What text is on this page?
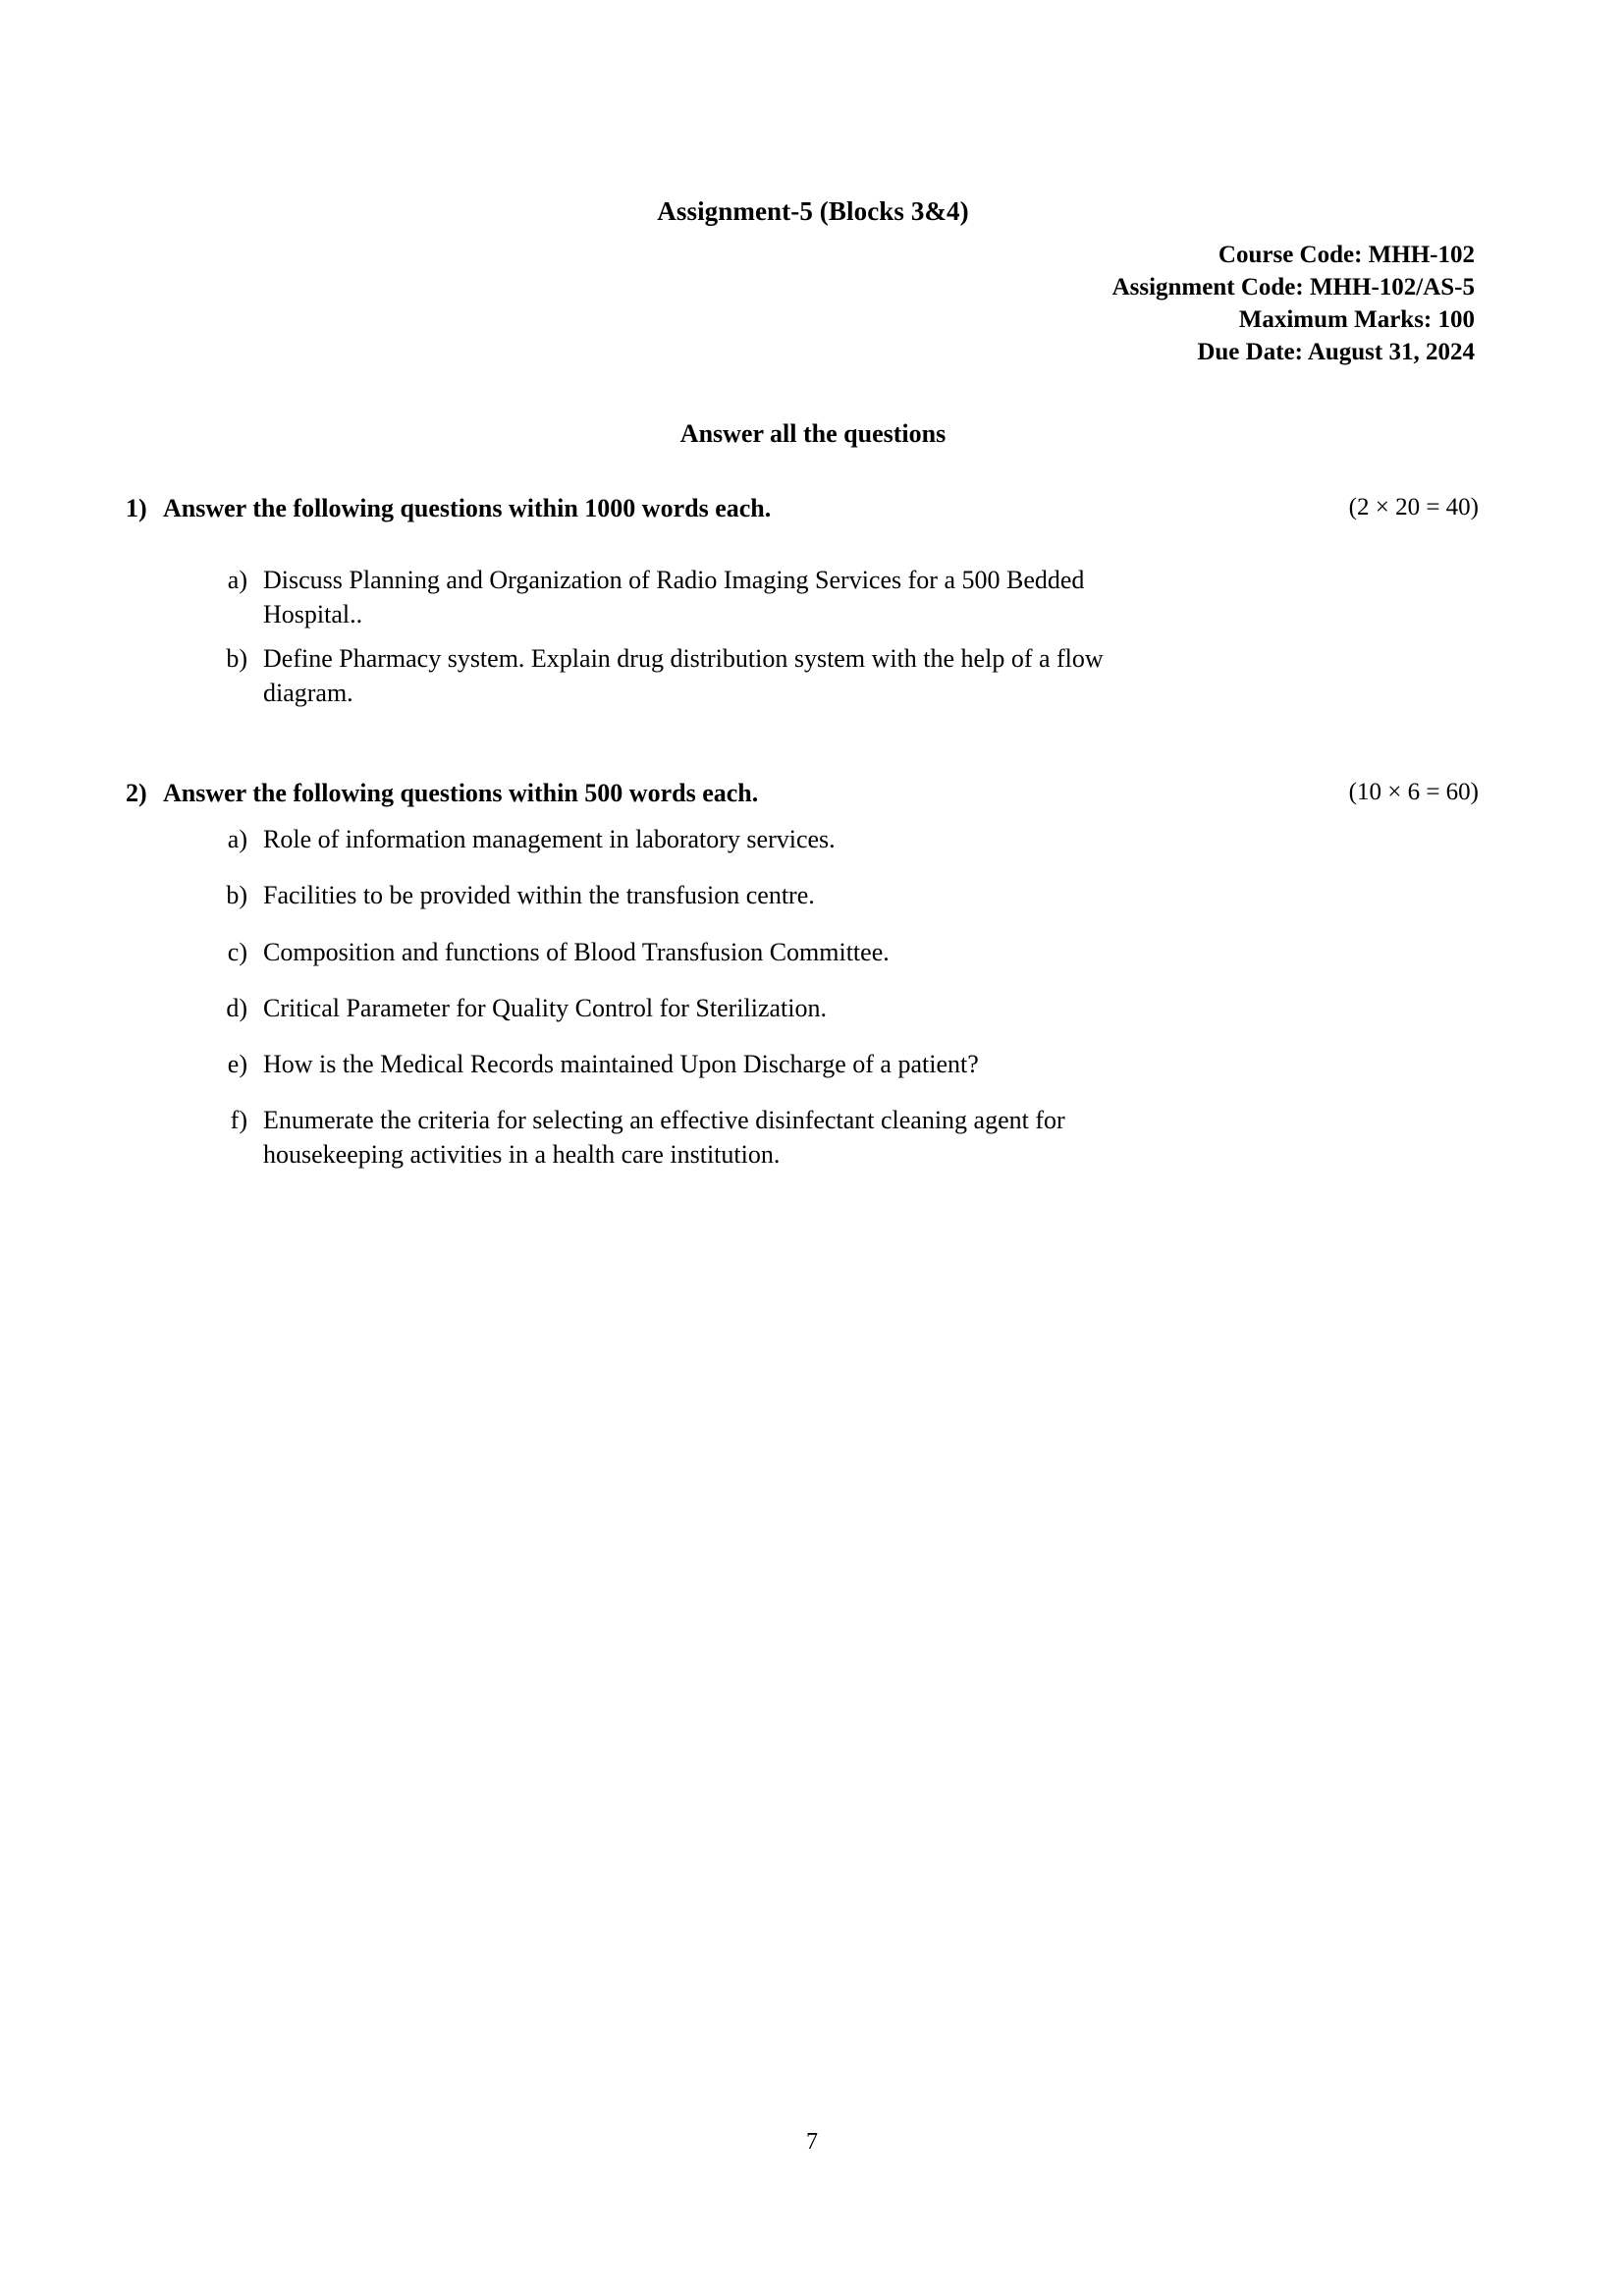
Assignment-5 (Blocks 3&4)
Course Code: MHH-102
Assignment Code: MHH-102/AS-5
Maximum Marks: 100
Due Date: August 31, 2024
Answer all the questions
1) Answer the following questions within 1000 words each.	(2 × 20 = 40)
a) Discuss Planning and Organization of Radio Imaging Services for a 500 Bedded Hospital..
b) Define Pharmacy system. Explain drug distribution system with the help of a flow diagram.
2) Answer the following questions within 500 words each.	(10 × 6 = 60)
a) Role of information management in laboratory services.
b) Facilities to be provided within the transfusion centre.
c) Composition and functions of Blood Transfusion Committee.
d) Critical Parameter for Quality Control for Sterilization.
e) How is the Medical Records maintained Upon Discharge of a patient?
f) Enumerate the criteria for selecting an effective disinfectant cleaning agent for housekeeping activities in a health care institution.
7
